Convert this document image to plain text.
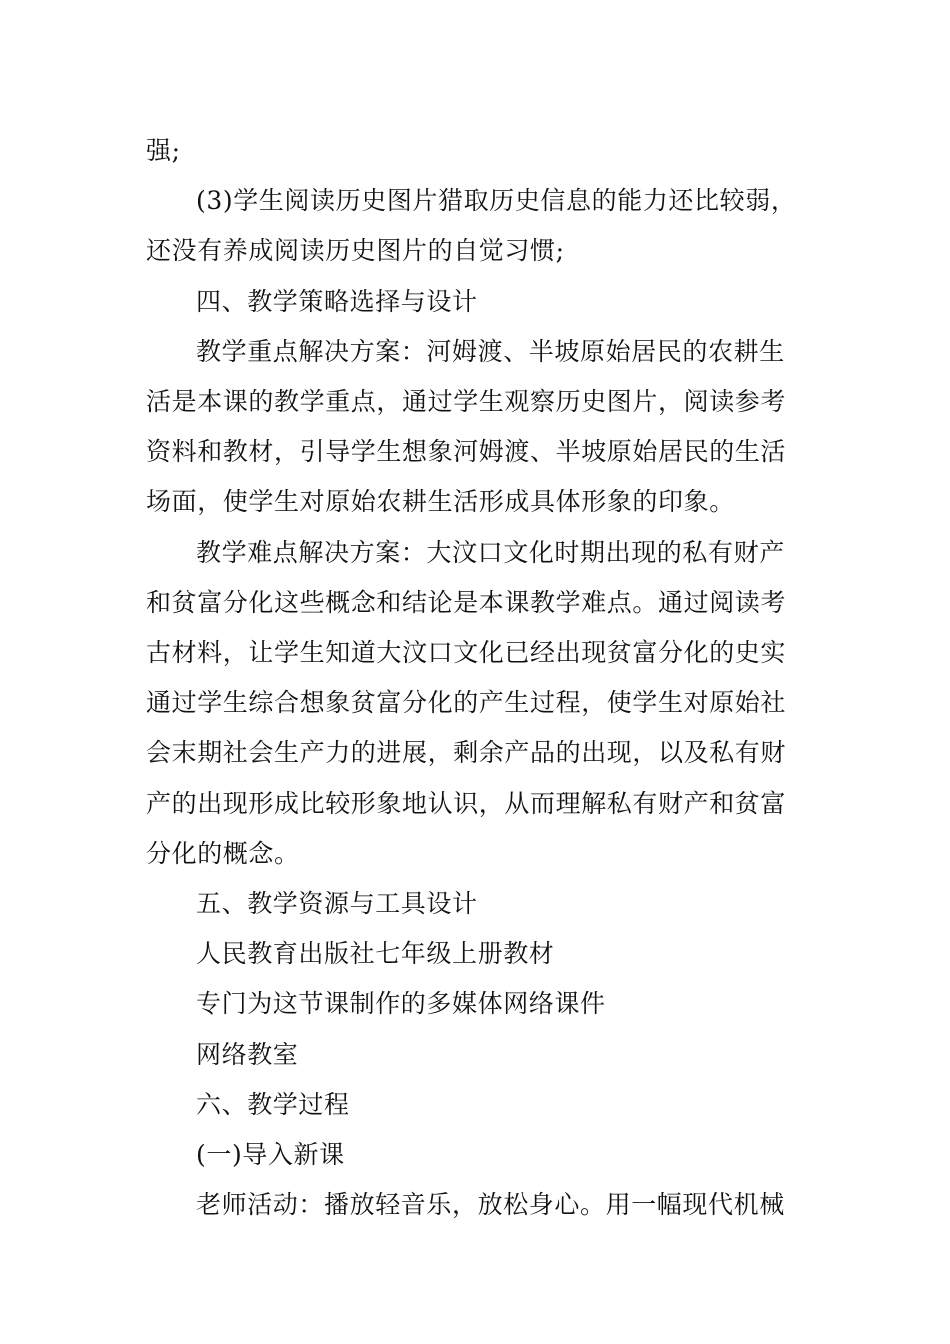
强;

(3)学生阅读历史图片猎取历史信息的能力还比较弱，还没有养成阅读历史图片的自觉习惯;

四、教学策略选择与设计

教学重点解决方案：河姆渡、半坡原始居民的农耕生活是本课的教学重点，通过学生观察历史图片，阅读参考资料和教材，引导学生想象河姆渡、半坡原始居民的生活场面，使学生对原始农耕生活形成具体形象的印象。

教学难点解决方案：大汶口文化时期出现的私有财产和贫富分化这些概念和结论是本课教学难点。通过阅读考古材料，让学生知道大汶口文化已经出现贫富分化的史实通过学生综合想象贫富分化的产生过程，使学生对原始社会末期社会生产力的进展，剩余产品的出现，以及私有财产的出现形成比较形象地认识，从而理解私有财产和贫富分化的概念。

五、教学资源与工具设计

人民教育出版社七年级上册教材

专门为这节课制作的多媒体网络课件

网络教室

六、教学过程

(一)导入新课

老师活动：播放轻音乐，放松身心。用一幅现代机械
